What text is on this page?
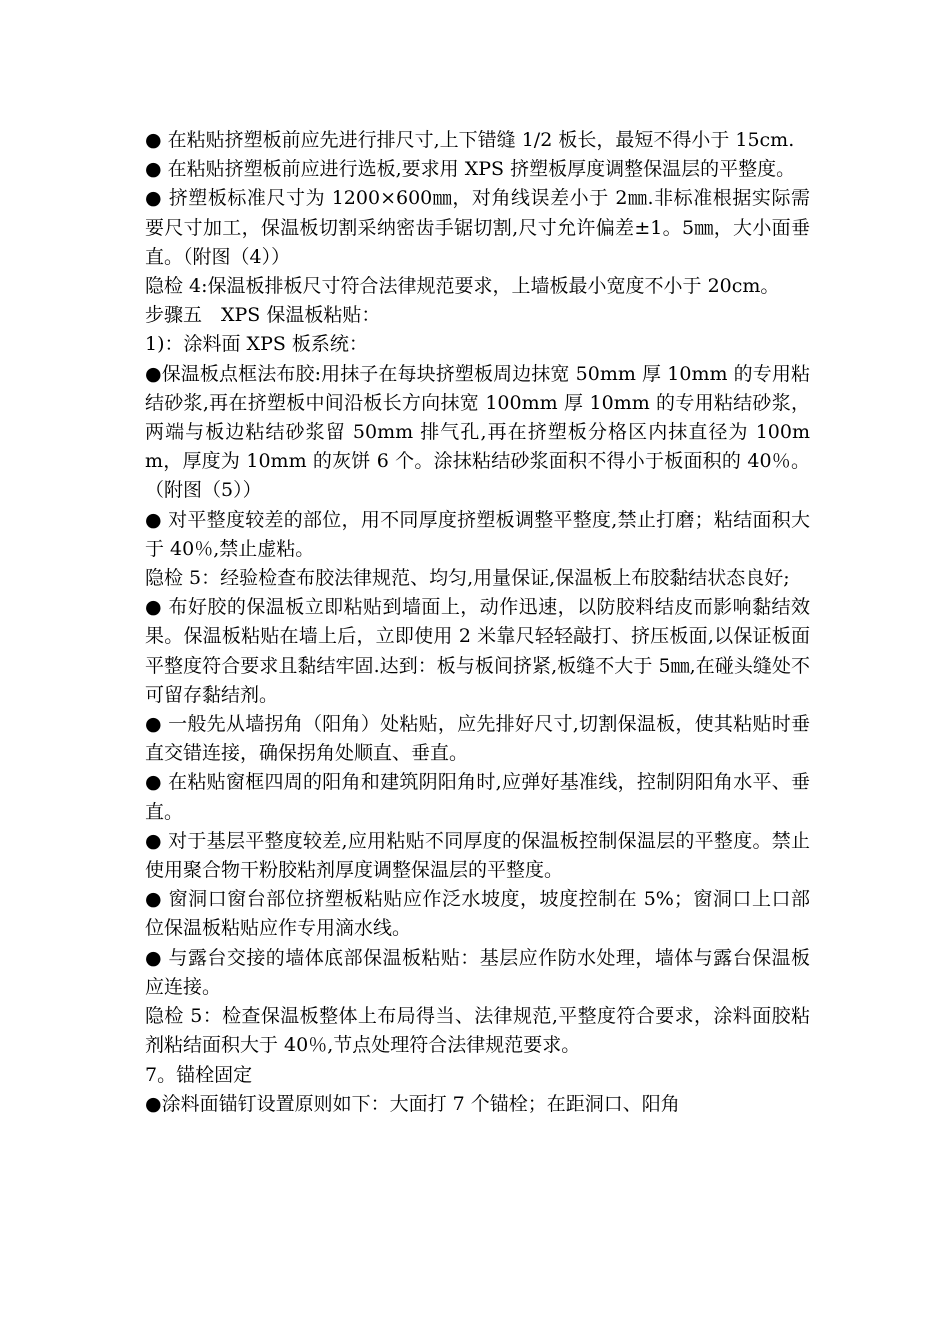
● 在粘贴挤塑板前应先进行排尺寸,上下错缝 1/2 板长，最短不得小于 15cm.

● 在粘贴挤塑板前应进行选板,要求用 XPS 挤塑板厚度调整保温层的平整度。

● 挤塑板标准尺寸为 1200×600㎜，对角线误差小于 2㎜.非标准根据实际需要尺寸加工，保温板切割采纳密齿手锯切割,尺寸允许偏差±1。5㎜，大小面垂直。（附图（4））

隐检 4:保温板排板尺寸符合法律规范要求，上墙板最小宽度不小于 20cm。

步骤五　XPS 保温板粘贴：

1)：涂料面 XPS 板系统：

●保温板点框法布胶:用抹子在每块挤塑板周边抹宽 50mm 厚 10mm 的专用粘结砂浆,再在挤塑板中间沿板长方向抹宽 100mm 厚 10mm 的专用粘结砂浆，两端与板边粘结砂浆留 50mm 排气孔,再在挤塑板分格区内抹直径为 100mm，厚度为 10mm 的灰饼 6 个。涂抹粘结砂浆面积不得小于板面积的 40％。（附图（5））

● 对平整度较差的部位，用不同厚度挤塑板调整平整度,禁止打磨；粘结面积大于 40％,禁止虚粘。

隐检 5：经验检查布胶法律规范、均匀,用量保证,保温板上布胶黏结状态良好;

● 布好胶的保温板立即粘贴到墙面上，动作迅速，以防胶料结皮而影响黏结效果。保温板粘贴在墙上后，立即使用 2 米靠尺轻轻敲打、挤压板面,以保证板面平整度符合要求且黏结牢固.达到：板与板间挤紧,板缝不大于 5㎜,在碰头缝处不可留存黏结剂。

● 一般先从墙拐角（阳角）处粘贴，应先排好尺寸,切割保温板，使其粘贴时垂直交错连接，确保拐角处顺直、垂直。

● 在粘贴窗框四周的阳角和建筑阴阳角时,应弹好基准线，控制阴阳角水平、垂直。

● 对于基层平整度较差,应用粘贴不同厚度的保温板控制保温层的平整度。禁止使用聚合物干粉胶粘剂厚度调整保温层的平整度。

● 窗洞口窗台部位挤塑板粘贴应作泛水坡度，坡度控制在 5%；窗洞口上口部位保温板粘贴应作专用滴水线。

● 与露台交接的墙体底部保温板粘贴：基层应作防水处理，墙体与露台保温板应连接。

隐检 5：检查保温板整体上布局得当、法律规范,平整度符合要求，涂料面胶粘剂粘结面积大于 40％,节点处理符合法律规范要求。

7。锚栓固定

●涂料面锚钉设置原则如下：大面打 7 个锚栓；在距洞口、阳角
